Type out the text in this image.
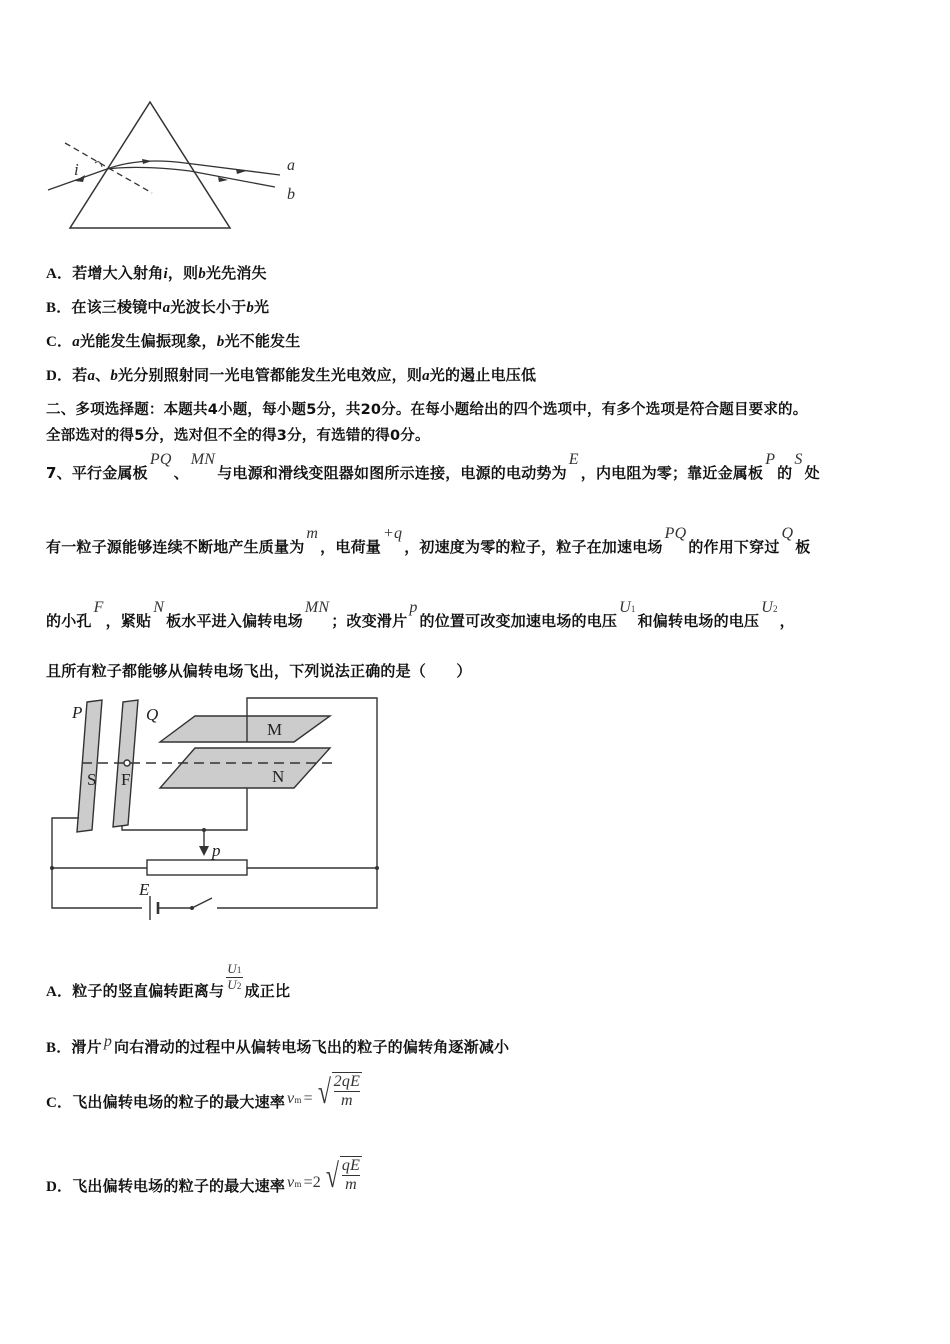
i	a
b
A．若增大入射角i，则b光先消失
B．在该三棱镜中a光波长小于b光
C．a光能发生偏振现象，b光不能发生
D．若a、b光分别照射同一光电管都能发生光电效应，则a光的遏止电压低
二、多项选择题：本题共4小题，每小题5分，共20分。在每小题给出的四个选项中，有多个选项是符合题目要求的。
全部选对的得5分，选对但不全的得3分，有选错的得0分。
7、平行金属板PQ、MN与电源和滑线变阻器如图所示连接，电源的电动势为E，内电阻为零；靠近金属板P的S处
有一粒子源能够连续不断地产生质量为m，电荷量+q，初速度为零的粒子，粒子在加速电场PQ的作用下穿过Q板
的小孔F，紧贴N板水平进入偏转电场MN；改变滑片p的位置可改变加速电场的电压U1和偏转电场的电压U2，
且所有粒子都能够从偏转电场飞出，下列说法正确的是（　　）
P	Q
M
N
S F
p
E
A．粒子的竖直偏转距离与 $\frac{U1}{U2}$ 成正比
B．滑片 p 向右滑动的过程中从偏转电场飞出的粒子的偏转角逐渐减小
C．飞出偏转电场的粒子的最大速率 vm = √ 2qE
m
D．飞出偏转电场的粒子的最大速率 vm =2 √ qE
m
